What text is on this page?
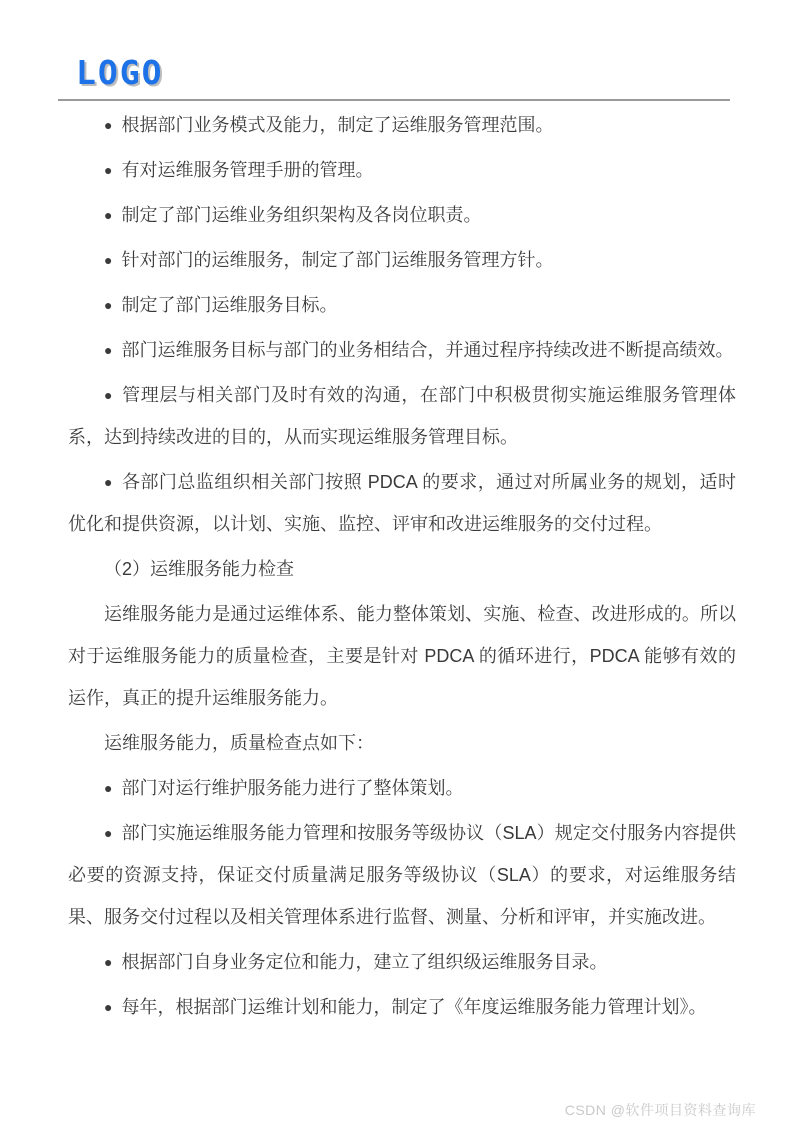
LOGO

● 根据部门业务模式及能力，制定了运维服务管理范围。

● 有对运维服务管理手册的管理。

● 制定了部门运维业务组织架构及各岗位职责。

● 针对部门的运维服务，制定了部门运维服务管理方针。

● 制定了部门运维服务目标。

● 部门运维服务目标与部门的业务相结合，并通过程序持续改进不断提高绩效。

● 管理层与相关部门及时有效的沟通，在部门中积极贯彻实施运维服务管理体系，达到持续改进的目的，从而实现运维服务管理目标。

● 各部门总监组织相关部门按照 PDCA 的要求，通过对所属业务的规划，适时优化和提供资源，以计划、实施、监控、评审和改进运维服务的交付过程。

（2）运维服务能力检查

运维服务能力是通过运维体系、能力整体策划、实施、检查、改进形成的。所以对于运维服务能力的质量检查，主要是针对 PDCA 的循环进行，PDCA 能够有效的运作，真正的提升运维服务能力。

运维服务能力，质量检查点如下：

● 部门对运行维护服务能力进行了整体策划。

● 部门实施运维服务能力管理和按服务等级协议（SLA）规定交付服务内容提供必要的资源支持，保证交付质量满足服务等级协议（SLA）的要求，对运维服务结果、服务交付过程以及相关管理体系进行监督、测量、分析和评审，并实施改进。

● 根据部门自身业务定位和能力，建立了组织级运维服务目录。

● 每年，根据部门运维计划和能力，制定了《年度运维服务能力管理计划》。

CSDN @软件项目资料查询库
